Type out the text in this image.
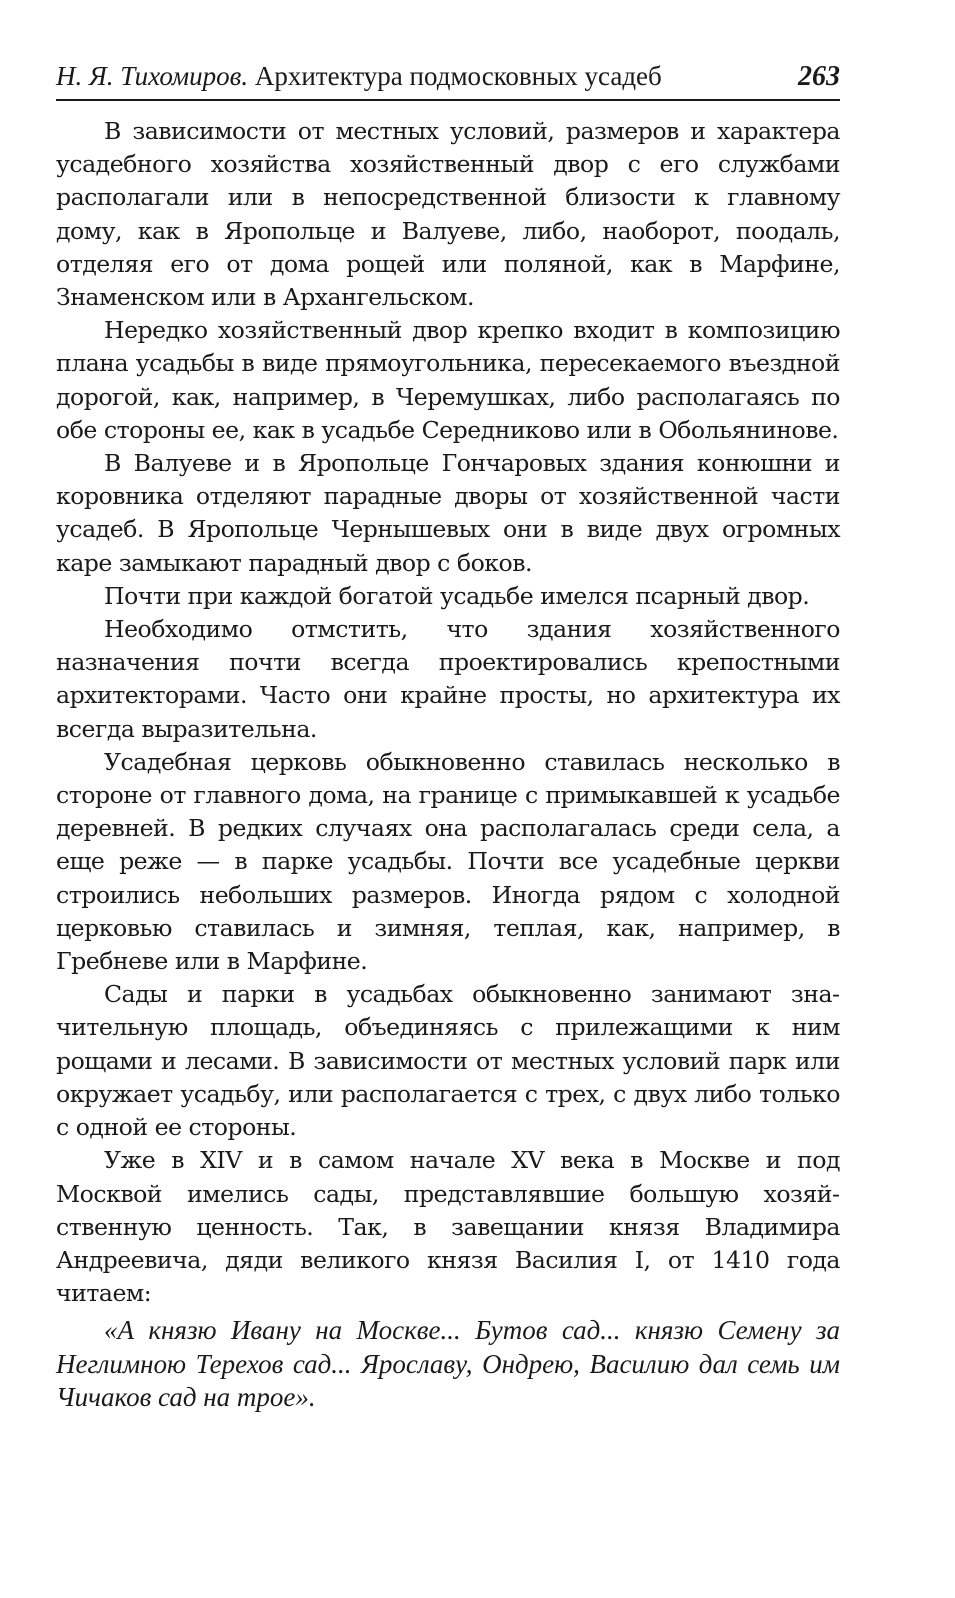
Н. Я. Тихомиров. Архитектура подмосковных усадеб	263

В зависимости от местных условий, размеров и характера усадебного хозяйства хозяйственный двор с его службами располагали или в непосредственной близости к главному дому, как в Яропольце и Валуеве, либо, наоборот, поодаль, отделяя его от дома рощей или поляной, как в Марфине, Знаменском или в Архангельском.

Нередко хозяйственный двор крепко входит в композицию плана усадьбы в виде прямоугольника, пересекаемого въездной дорогой, как, например, в Черемушках, либо располагаясь по обе стороны ее, как в усадьбе Середниково или в Обольянинове.

В Валуеве и в Яропольце Гончаровых здания конюшни и коровника отделяют парадные дворы от хозяйственной части усадеб. В Яропольце Чернышевых они в виде двух огромных каре замыкают парадный двор с боков.

Почти при каждой богатой усадьбе имелся псарный двор.

Необходимо отмстить, что здания хозяйственного назначения почти всегда проектировались крепостными архитекторами. Часто они крайне просты, но архитектура их всегда выразительна.

Усадебная церковь обыкновенно ставилась несколько в стороне от главного дома, на границе с примыкавшей к усадьбе деревней. В редких случаях она располагалась среди села, а еще реже — в парке усадьбы. Почти все усадебные церкви строились небольших размеров. Иногда рядом с холодной церковью ставилась и зимняя, теплая, как, например, в Гребневе или в Марфине.

Сады и парки в усадьбах обыкновенно занимают значительную площадь, объединяясь с прилежащими к ним рощами и лесами. В зависимости от местных условий парк или окружает усадьбу, или располагается с трех, с двух либо только с одной ее стороны.

Уже в XIV и в самом начале XV века в Москве и под Москвой имелись сады, представлявшие большую хозяйственную ценность. Так, в завещании князя Владимира Андреевича, дяди великого князя Василия I, от 1410 года читаем:

«А князю Ивану на Москве... Бутов сад... князю Семену за Неглимною Терехов сад... Ярославу, Ондрею, Василию дал семь им Чичаков сад на трое».
